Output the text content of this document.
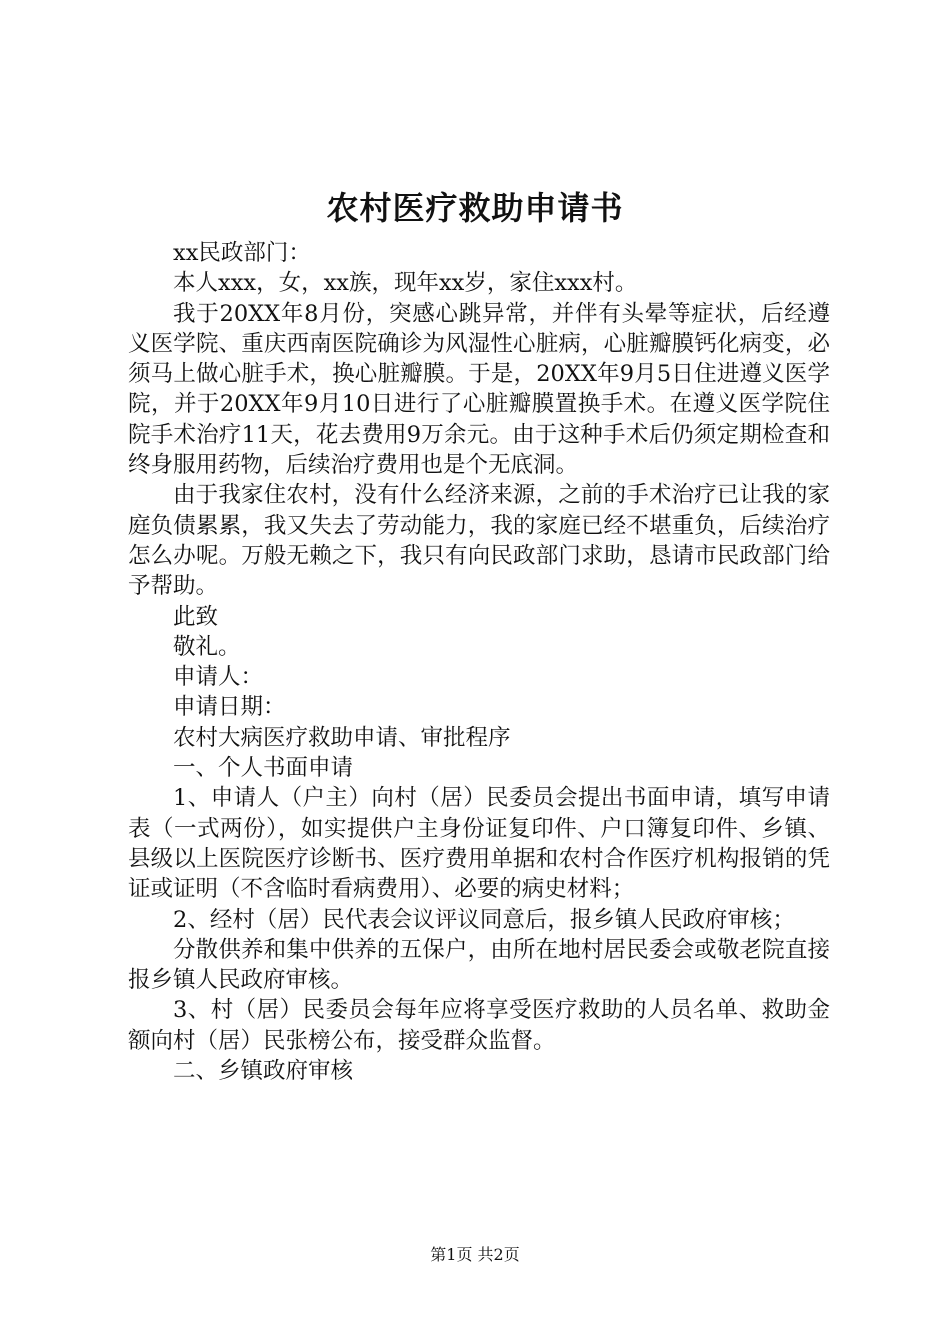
农村医疗救助申请书

xx民政部门：

本人xxx，女，xx族，现年xx岁，家住xxx村。

我于20XX年8月份，突感心跳异常，并伴有头晕等症状，后经遵义医学院、重庆西南医院确诊为风湿性心脏病，心脏瓣膜钙化病变，必须马上做心脏手术，换心脏瓣膜。于是，20XX年9月5日住进遵义医学院，并于20XX年9月10日进行了心脏瓣膜置换手术。在遵义医学院住院手术治疗11天，花去费用9万余元。由于这种手术后仍须定期检查和终身服用药物，后续治疗费用也是个无底洞。

由于我家住农村，没有什么经济来源，之前的手术治疗已让我的家庭负债累累，我又失去了劳动能力，我的家庭已经不堪重负，后续治疗怎么办呢。万般无赖之下，我只有向民政部门求助，恳请市民政部门给予帮助。

此致

敬礼。

申请人：

申请日期：

农村大病医疗救助申请、审批程序

一、个人书面申请

1、申请人（户主）向村（居）民委员会提出书面申请，填写申请表（一式两份），如实提供户主身份证复印件、户口簿复印件、乡镇、县级以上医院医疗诊断书、医疗费用单据和农村合作医疗机构报销的凭证或证明（不含临时看病费用）、必要的病史材料；

2、经村（居）民代表会议评议同意后，报乡镇人民政府审核；

分散供养和集中供养的五保户，由所在地村居民委会或敬老院直接报乡镇人民政府审核。

3、村（居）民委员会每年应将享受医疗救助的人员名单、救助金额向村（居）民张榜公布，接受群众监督。

二、乡镇政府审核

第1页 共2页
